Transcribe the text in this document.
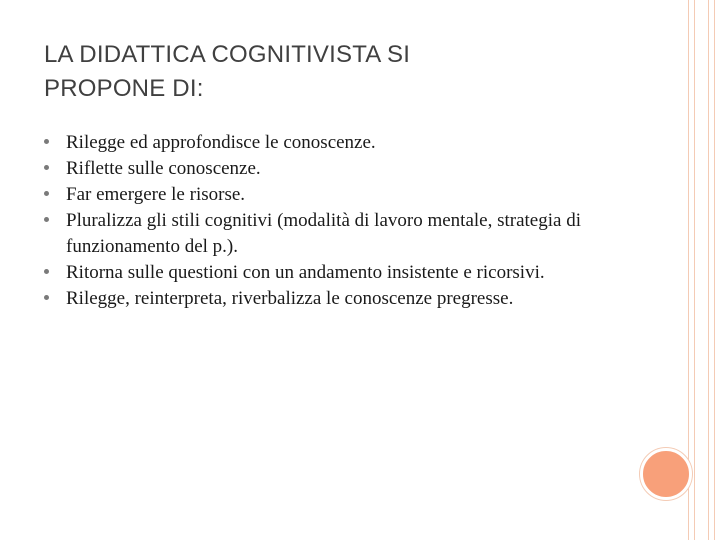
LA DIDATTICA COGNITIVISTA SI
PROPONE DI:
Rilegge ed approfondisce le conoscenze.
Riflette sulle conoscenze.
Far emergere le risorse.
Pluralizza gli stili cognitivi (modalità di lavoro mentale, strategia di funzionamento del p.).
Ritorna sulle questioni con un andamento insistente e ricorsivi.
Rilegge, reinterpreta, riverbalizza le conoscenze pregresse.
